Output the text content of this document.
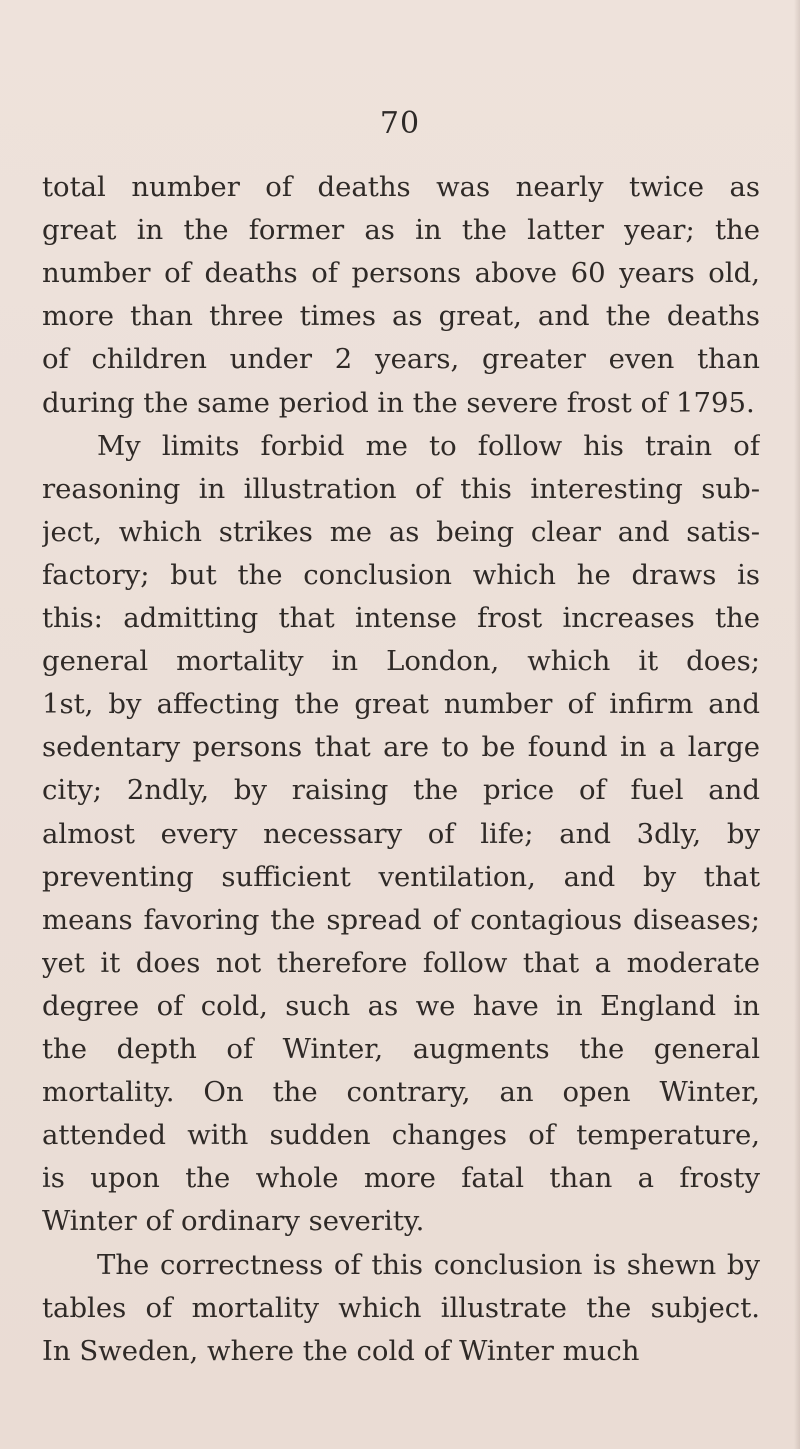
70
total number of deaths was nearly twice as
great in the former as in the latter year; the
number of deaths of persons above 60 years old,
more than three times as great, and the deaths
of children under 2 years, greater even than
during the same period in the severe frost of 1795.
My limits forbid me to follow his train of
reasoning in illustration of this interesting sub-
ject, which strikes me as being clear and satis-
factory; but the conclusion which he draws is
this: admitting that intense frost increases the
general mortality in London, which it does;
1st, by affecting the great number of infirm and
sedentary persons that are to be found in a large
city; 2ndly, by raising the price of fuel and
almost every necessary of life; and 3dly, by
preventing sufficient ventilation, and by that
means favoring the spread of contagious diseases;
yet it does not therefore follow that a moderate
degree of cold, such as we have in England in
the depth of Winter, augments the general
mortality. On the contrary, an open Winter,
attended with sudden changes of temperature,
is upon the whole more fatal than a frosty
Winter of ordinary severity.
The correctness of this conclusion is shewn by
tables of mortality which illustrate the subject.
In Sweden, where the cold of Winter much
